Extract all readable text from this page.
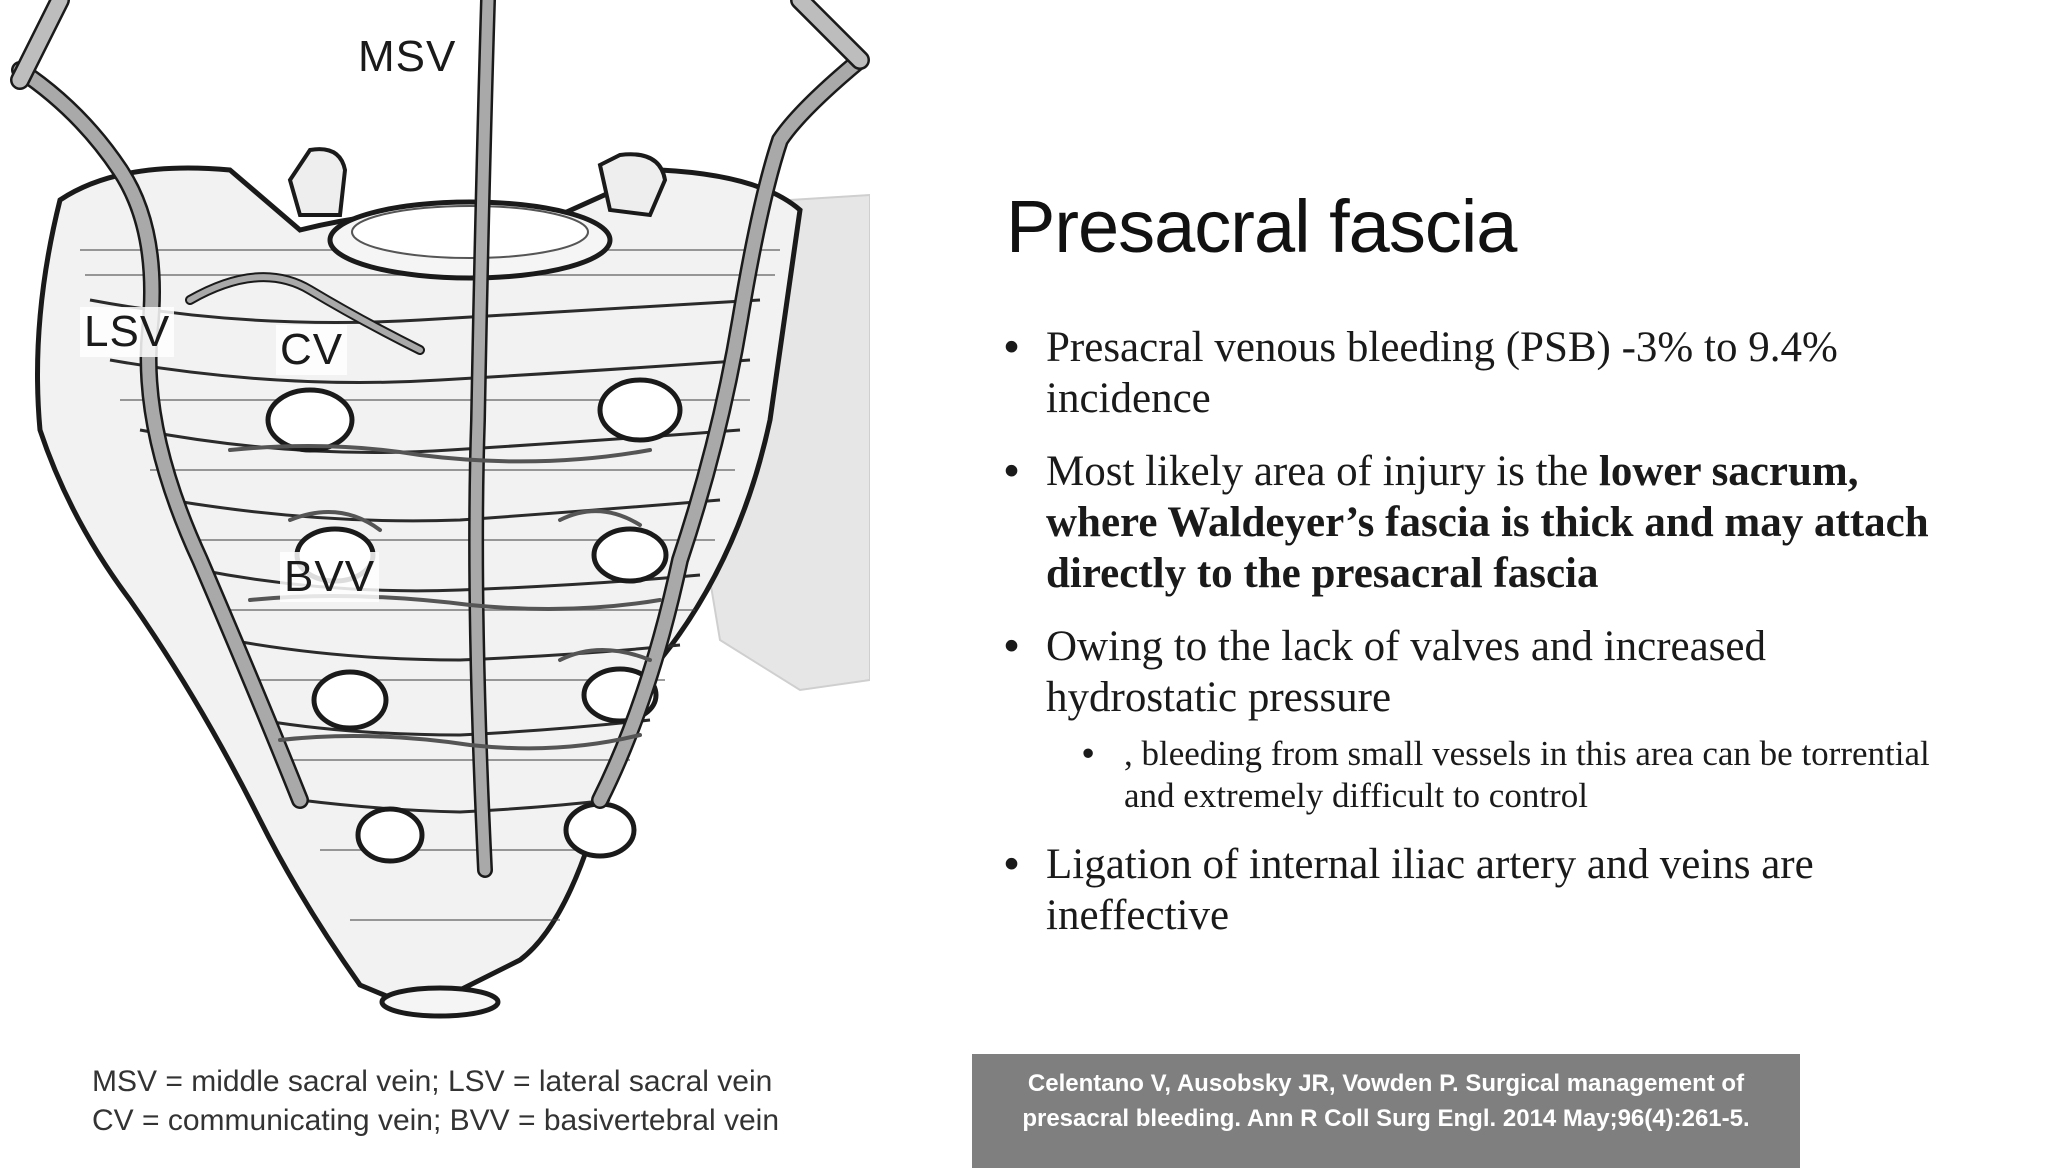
MSV
LSV CV
BVV
MSV = middle sacral vein; LSV = lateral sacral vein
CV = communicating vein; BVV = basivertebral vein
Presacral fascia
• Presacral venous bleeding (PSB) -3% to 9.4% incidence
• Most likely area of injury is the lower sacrum, where Waldeyer’s fascia is thick and may attach directly to the presacral fascia
• Owing to the lack of valves and increased hydrostatic pressure
• , bleeding from small vessels in this area can be torrential and extremely difficult to control
• Ligation of internal iliac artery and veins are ineffective
Celentano V, Ausobsky JR, Vowden P. Surgical management of
presacral bleeding. Ann R Coll Surg Engl. 2014 May;96(4):261-5.
